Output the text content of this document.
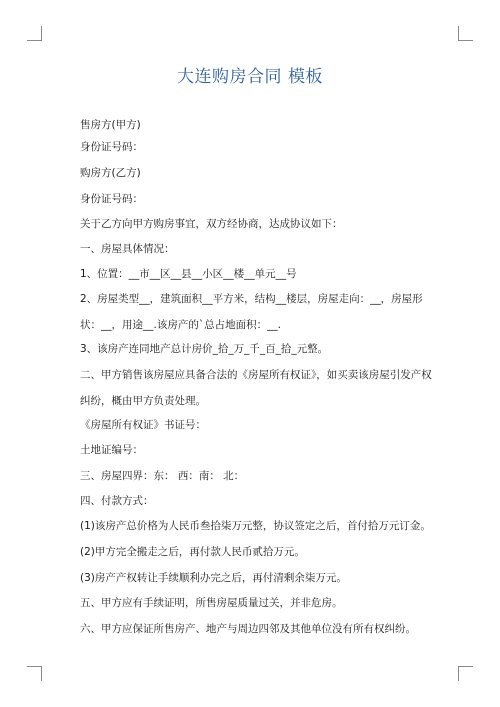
大连购房合同 模板
售房方(甲方)
身份证号码：
购房方(乙方)
身份证号码：
关于乙方向甲方购房事宜，双方经协商，达成协议如下：
一、房屋具体情况：
1、位置：__市__区__县__小区__楼__单元__号
2、房屋类型__，建筑面积__平方米，结构__楼层，房屋走向：__，房屋形状：__，用途__.该房产的`总占地面积：__.
3、该房产连同地产总计房价_拾_万_千_百_拾_元整。
二、甲方销售该房屋应具备合法的《房屋所有权证》，如买卖该房屋引发产权纠纷，概由甲方负责处理。
《房屋所有权证》书证号：
土地证编号：
三、房屋四界：东： 西：南： 北：
四、付款方式：
(1)该房产总价格为人民币叁拾柒万元整，协议签定之后，首付拾万元订金。
(2)甲方完全搬走之后，再付款人民币贰拾万元。
(3)房产产权转让手续顺利办完之后，再付清剩余柒万元。
五、甲方应有手续证明，所售房屋质量过关，并非危房。
六、甲方应保证所售房产、地产与周边四邻及其他单位没有所有权纠纷。
